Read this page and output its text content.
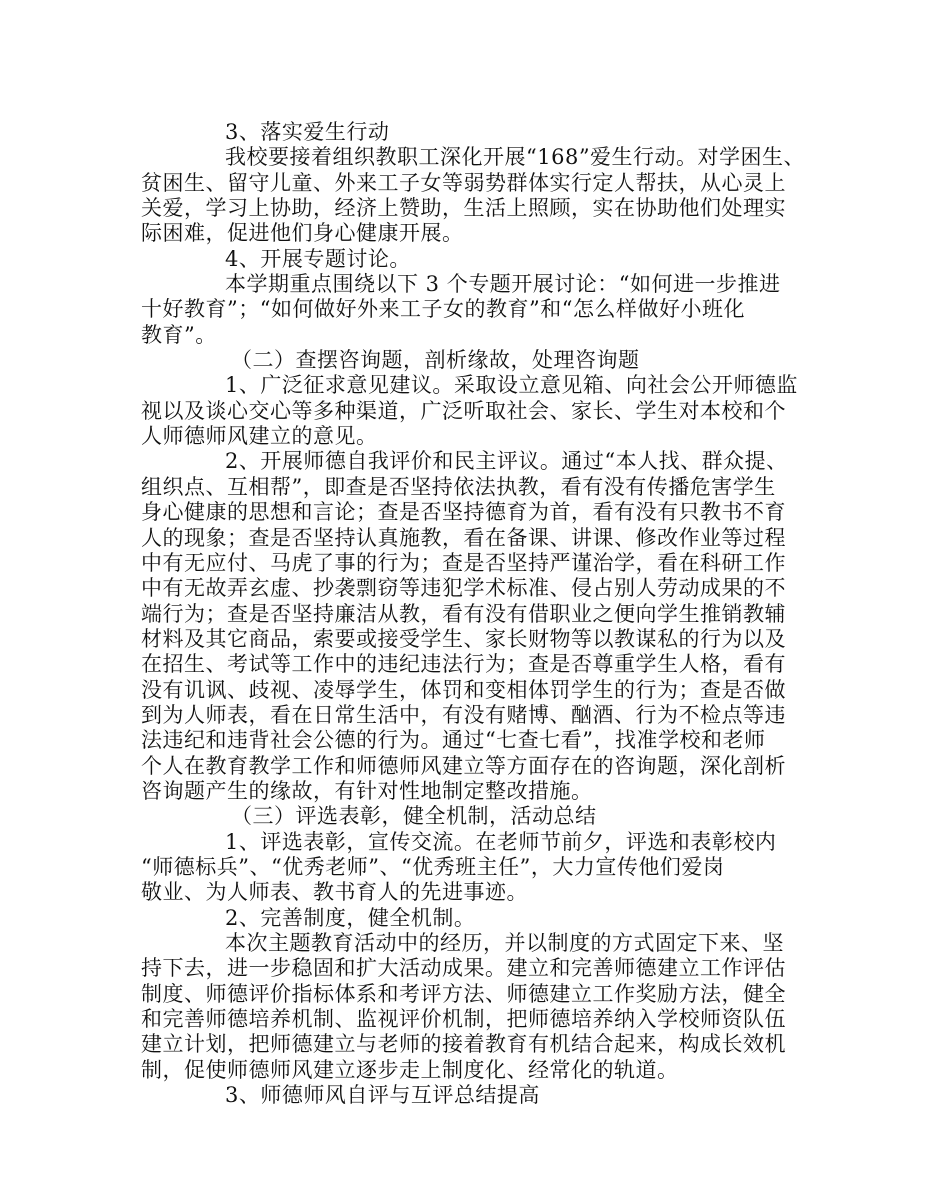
3、落实爱生行动
我校要接着组织教职工深化开展“168”爱生行动。对学困生、
贫困生、留守儿童、外来工子女等弱势群体实行定人帮扶，从心灵上
关爱，学习上协助，经济上赞助，生活上照顾，实在协助他们处理实
际困难，促进他们身心健康开展。
4、开展专题讨论。
本学期重点围绕以下 3 个专题开展讨论：“如何进一步推进
十好教育”；“如何做好外来工子女的教育”和“怎么样做好小班化
教育”。
（二）查摆咨询题，剖析缘故，处理咨询题
1、广泛征求意见建议。采取设立意见箱、向社会公开师德监
视以及谈心交心等多种渠道，广泛听取社会、家长、学生对本校和个
人师德师风建立的意见。
2、开展师德自我评价和民主评议。通过“本人找、群众提、
组织点、互相帮”，即查是否坚持依法执教，看有没有传播危害学生
身心健康的思想和言论；查是否坚持德育为首，看有没有只教书不育
人的现象；查是否坚持认真施教，看在备课、讲课、修改作业等过程
中有无应付、马虎了事的行为；查是否坚持严谨治学，看在科研工作
中有无故弄玄虚、抄袭剽窃等违犯学术标准、侵占别人劳动成果的不
端行为；查是否坚持廉洁从教，看有没有借职业之便向学生推销教辅
材料及其它商品，索要或接受学生、家长财物等以教谋私的行为以及
在招生、考试等工作中的违纪违法行为；查是否尊重学生人格，看有
没有讥讽、歧视、凌辱学生，体罚和变相体罚学生的行为；查是否做
到为人师表，看在日常生活中，有没有赌博、酗酒、行为不检点等违
法违纪和违背社会公德的行为。通过“七查七看”，找准学校和老师
个人在教育教学工作和师德师风建立等方面存在的咨询题，深化剖析
咨询题产生的缘故，有针对性地制定整改措施。
（三）评选表彰，健全机制，活动总结
1、评选表彰，宣传交流。在老师节前夕，评选和表彰校内
“师德标兵”、“优秀老师”、“优秀班主任”，大力宣传他们爱岗
敬业、为人师表、教书育人的先进事迹。
2、完善制度，健全机制。
本次主题教育活动中的经历，并以制度的方式固定下来、坚
持下去，进一步稳固和扩大活动成果。建立和完善师德建立工作评估
制度、师德评价指标体系和考评方法、师德建立工作奖励方法，健全
和完善师德培养机制、监视评价机制，把师德培养纳入学校师资队伍
建立计划，把师德建立与老师的接着教育有机结合起来，构成长效机
制，促使师德师风建立逐步走上制度化、经常化的轨道。
3、师德师风自评与互评总结提高
